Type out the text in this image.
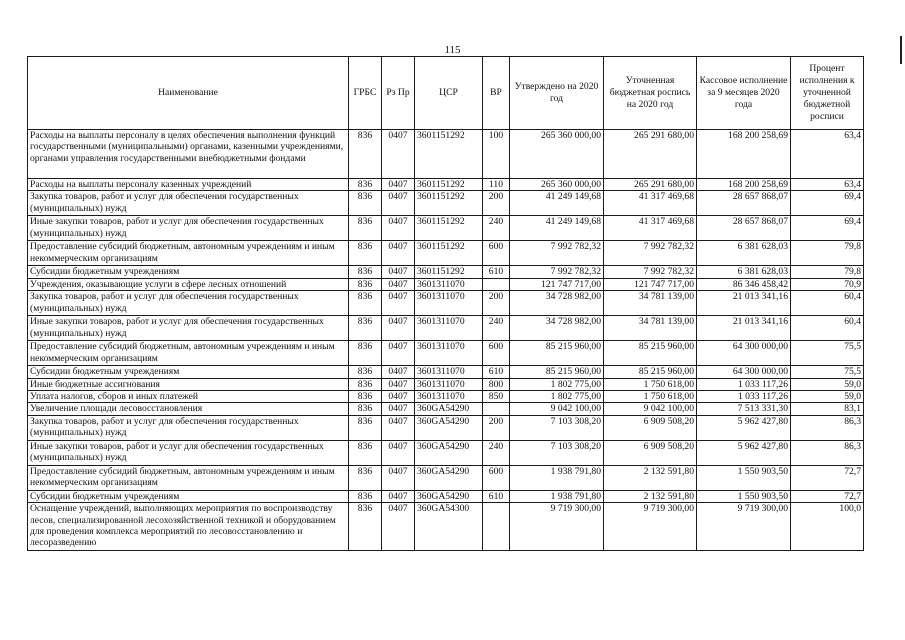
115
Наименование	ГРБС	Рз Пр	ЦСР	ВР	Утверждено на 2020 год	Уточненная бюджетная роспись на 2020 год	Кассовое исполнение за 9 месяцев 2020 года	Процент исполнения к уточненной бюджетной росписи
Расходы на выплаты персоналу в целях обеспечения выполнения функций государственными (муниципальными) органами, казенными учреждениями, органами управления государственными внебюджетными фондами	836	0407	3601151292	100	265 360 000,00	265 291 680,00	168 200 258,69	63,4
Расходы на выплаты персоналу казенных учреждений	836	0407	3601151292	110	265 360 000,00	265 291 680,00	168 200 258,69	63,4
Закупка товаров, работ и услуг для обеспечения государственных (муниципальных) нужд	836	0407	3601151292	200	41 249 149,68	41 317 469,68	28 657 868,07	69,4
Иные закупки товаров, работ и услуг для обеспечения государственных (муниципальных) нужд	836	0407	3601151292	240	41 249 149,68	41 317 469,68	28 657 868,07	69,4
Предоставление субсидий бюджетным, автономным учреждениям и иным некоммерческим организациям	836	0407	3601151292	600	7 992 782,32	7 992 782,32	6 381 628,03	79,8
Субсидии бюджетным учреждениям	836	0407	3601151292	610	7 992 782,32	7 992 782,32	6 381 628,03	79,8
Учреждения, оказывающие услуги в сфере лесных отношений	836	0407	3601311070		121 747 717,00	121 747 717,00	86 346 458,42	70,9
Закупка товаров, работ и услуг для обеспечения государственных (муниципальных) нужд	836	0407	3601311070	200	34 728 982,00	34 781 139,00	21 013 341,16	60,4
Иные закупки товаров, работ и услуг для обеспечения государственных (муниципальных) нужд	836	0407	3601311070	240	34 728 982,00	34 781 139,00	21 013 341,16	60,4
Предоставление субсидий бюджетным, автономным учреждениям и иным некоммерческим организациям	836	0407	3601311070	600	85 215 960,00	85 215 960,00	64 300 000,00	75,5
Субсидии бюджетным учреждениям	836	0407	3601311070	610	85 215 960,00	85 215 960,00	64 300 000,00	75,5
Иные бюджетные ассигнования	836	0407	3601311070	800	1 802 775,00	1 750 618,00	1 033 117,26	59,0
Уплата налогов, сборов и иных платежей	836	0407	3601311070	850	1 802 775,00	1 750 618,00	1 033 117,26	59,0
Увеличение площади лесовосстановления	836	0407	360GA54290		9 042 100,00	9 042 100,00	7 513 331,30	83,1
Закупка товаров, работ и услуг для обеспечения государственных (муниципальных) нужд	836	0407	360GA54290	200	7 103 308,20	6 909 508,20	5 962 427,80	86,3
Иные закупки товаров, работ и услуг для обеспечения государственных (муниципальных) нужд	836	0407	360GA54290	240	7 103 308,20	6 909 508,20	5 962 427,80	86,3
Предоставление субсидий бюджетным, автономным учреждениям и иным некоммерческим организациям	836	0407	360GA54290	600	1 938 791,80	2 132 591,80	1 550 903,50	72,7
Субсидии бюджетным учреждениям	836	0407	360GA54290	610	1 938 791,80	2 132 591,80	1 550 903,50	72,7
Оснащение учреждений, выполняющих мероприятия по воспроизводству лесов, специализированной лесохозяйственной техникой и оборудованием для проведения комплекса мероприятий по лесовосстановлению и лесоразведению	836	0407	360GA54300		9 719 300,00	9 719 300,00	9 719 300,00	100,0
